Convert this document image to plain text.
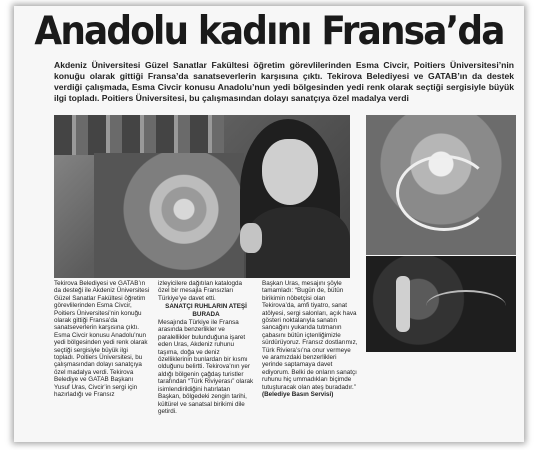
Anadolu kadını Fransa’da
Akdeniz Üniversitesi Güzel Sanatlar Fakültesi öğretim görevlilerinden Esma Civcir, Poitiers Üniversitesi’nin konuğu olarak gittiği Fransa’da sanatseverlerin karşısına çıktı. Tekirova Belediyesi ve GATAB’ın da destek verdiği çalışmada, Esma Civcir konusu Anadolu’nun yedi bölgesinden yedi renk olarak seçtiği sergisiyle büyük ilgi topladı. Poitiers Üniversitesi, bu çalışmasından dolayı sanatçıya özel madalya verdi

Tekirova Belediyesi ve GATAB’ın da desteği ile Akdeniz Üniversitesi Güzel Sanatlar Fakültesi öğretim görevlilerinden Esma Civcir, Poitiers Üniversitesi’nin konuğu olarak gittiği Fransa’da sanatseverlerin karşısına çıktı. Esma Civcir konusu Anadolu’nun yedi bölgesinden yedi renk olarak seçtiği sergisiyle büyük ilgi topladı. Poitiers Üniversitesi, bu çalışmasından dolayı sanatçıya özel madalya verdi. Tekirova Belediye ve GATAB Başkanı Yusuf Uras, Civcir’in sergi için hazırladığı ve Fransız

izleyicilere dağıtılan katalogda özel bir mesajla Fransızları Türkiye’ye davet etti.

SANATÇI RUHLARIN ATEŞİ BURADA

Mesajında Türkiye ile Fransa arasında benzerlikler ve paralellikler bulunduğuna işaret eden Uras, Akdeniz ruhunu taşıma, doğa ve deniz özelliklerinin bunlardan bir kısmı olduğunu belirtti. Tekirova’nın yer aldığı bölgenin çağdaş turistler tarafından “Türk Riviyerası” olarak isimlendirildiğini hatırlatan Başkan, bölgedeki zengin tarihi, kültürel ve sanatsal birikimi dile getirdi.

Başkan Uras, mesajını şöyle tamamladı: “Bugün de, bütün birikimin nöbetçisi olan Tekirova’da, amfi tiyatro, sanat atölyesi, sergi salonları, açık hava gösteri noktalarıyla sanatın sancağını yukarıda tutmanın çabasını bütün içtenliğimizle sürdürüyoruz. Fransız dostlarımız, Türk Riviera’sı’na onur vermeye ve aramızdaki benzerlikleri yerinde saptamaya davet ediyorum. Belki de onların sanatçı ruhunu hiç ummadıkları biçimde tutuşturacak olan ateş buradadır.”

(Belediye Basın Servisi)
